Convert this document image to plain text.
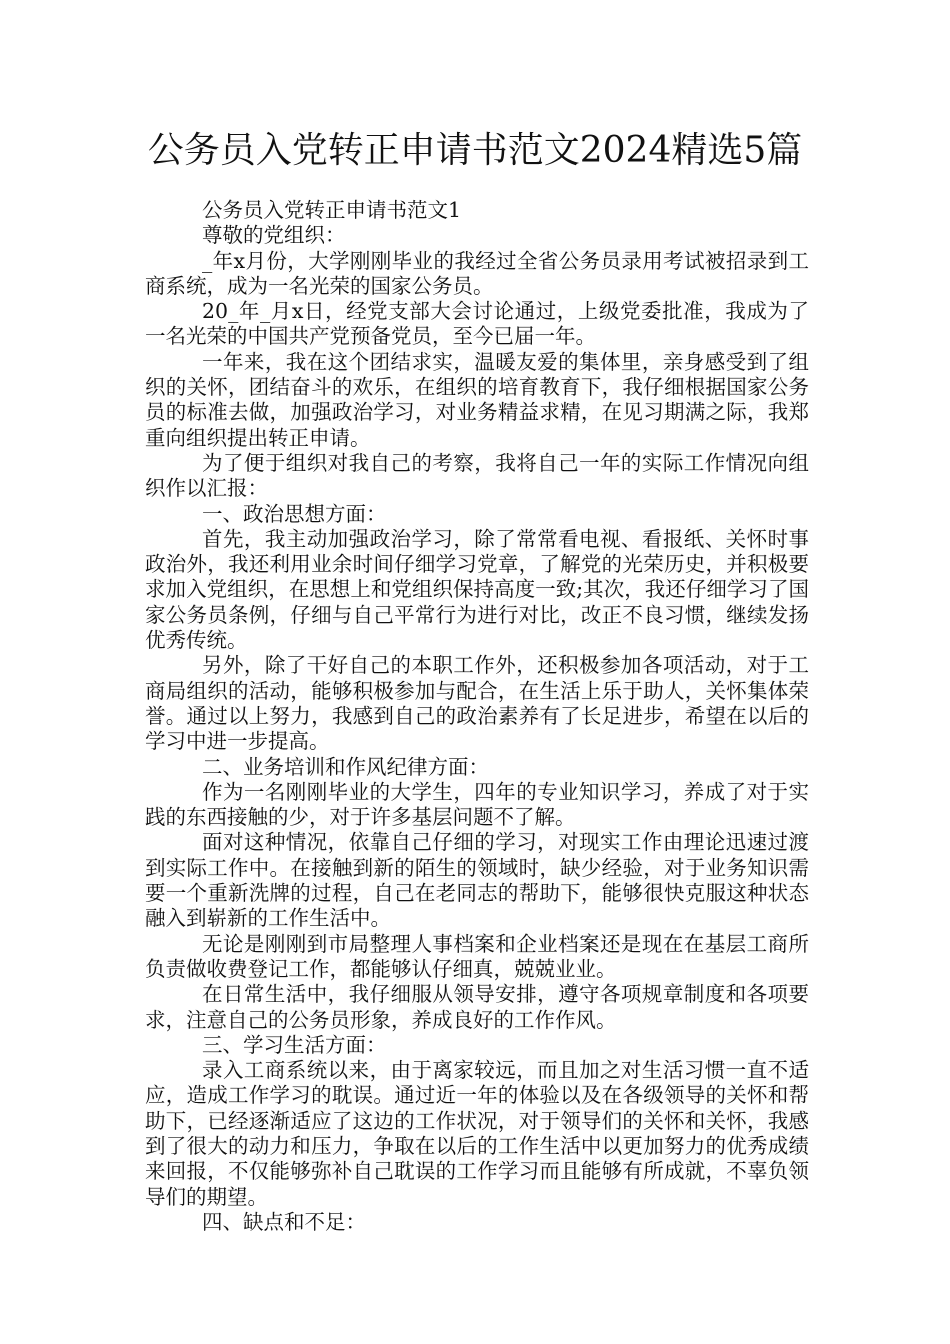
公务员入党转正申请书范文2024精选5篇

公务员入党转正申请书范文1

尊敬的党组织：

_年x月份，大学刚刚毕业的我经过全省公务员录用考试被招录到工商系统，成为一名光荣的国家公务员。

20_年_月x日，经党支部大会讨论通过，上级党委批准，我成为了一名光荣的中国共产党预备党员，至今已届一年。

一年来，我在这个团结求实，温暖友爱的集体里，亲身感受到了组织的关怀，团结奋斗的欢乐，在组织的培育教育下，我仔细根据国家公务员的标准去做，加强政治学习，对业务精益求精，在见习期满之际，我郑重向组织提出转正申请。

为了便于组织对我自己的考察，我将自己一年的实际工作情况向组织作以汇报：

一、政治思想方面：

首先，我主动加强政治学习，除了常常看电视、看报纸、关怀时事政治外，我还利用业余时间仔细学习党章，了解党的光荣历史，并积极要求加入党组织，在思想上和党组织保持高度一致;其次，我还仔细学习了国家公务员条例，仔细与自己平常行为进行对比，改正不良习惯，继续发扬优秀传统。

另外，除了干好自己的本职工作外，还积极参加各项活动，对于工商局组织的活动，能够积极参加与配合，在生活上乐于助人，关怀集体荣誉。通过以上努力，我感到自己的政治素养有了长足进步，希望在以后的学习中进一步提高。

二、业务培训和作风纪律方面：

作为一名刚刚毕业的大学生，四年的专业知识学习，养成了对于实践的东西接触的少，对于许多基层问题不了解。

面对这种情况，依靠自己仔细的学习，对现实工作由理论迅速过渡到实际工作中。在接触到新的陌生的领域时，缺少经验，对于业务知识需要一个重新洗牌的过程，自己在老同志的帮助下，能够很快克服这种状态融入到崭新的工作生活中。

无论是刚刚到市局整理人事档案和企业档案还是现在在基层工商所负责做收费登记工作，都能够认仔细真，兢兢业业。

在日常生活中，我仔细服从领导安排，遵守各项规章制度和各项要求，注意自己的公务员形象，养成良好的工作作风。

三、学习生活方面：

录入工商系统以来，由于离家较远，而且加之对生活习惯一直不适应，造成工作学习的耽误。通过近一年的体验以及在各级领导的关怀和帮助下，已经逐渐适应了这边的工作状况，对于领导们的关怀和关怀，我感到了很大的动力和压力，争取在以后的工作生活中以更加努力的优秀成绩来回报，不仅能够弥补自己耽误的工作学习而且能够有所成就，不辜负领导们的期望。

四、缺点和不足：
